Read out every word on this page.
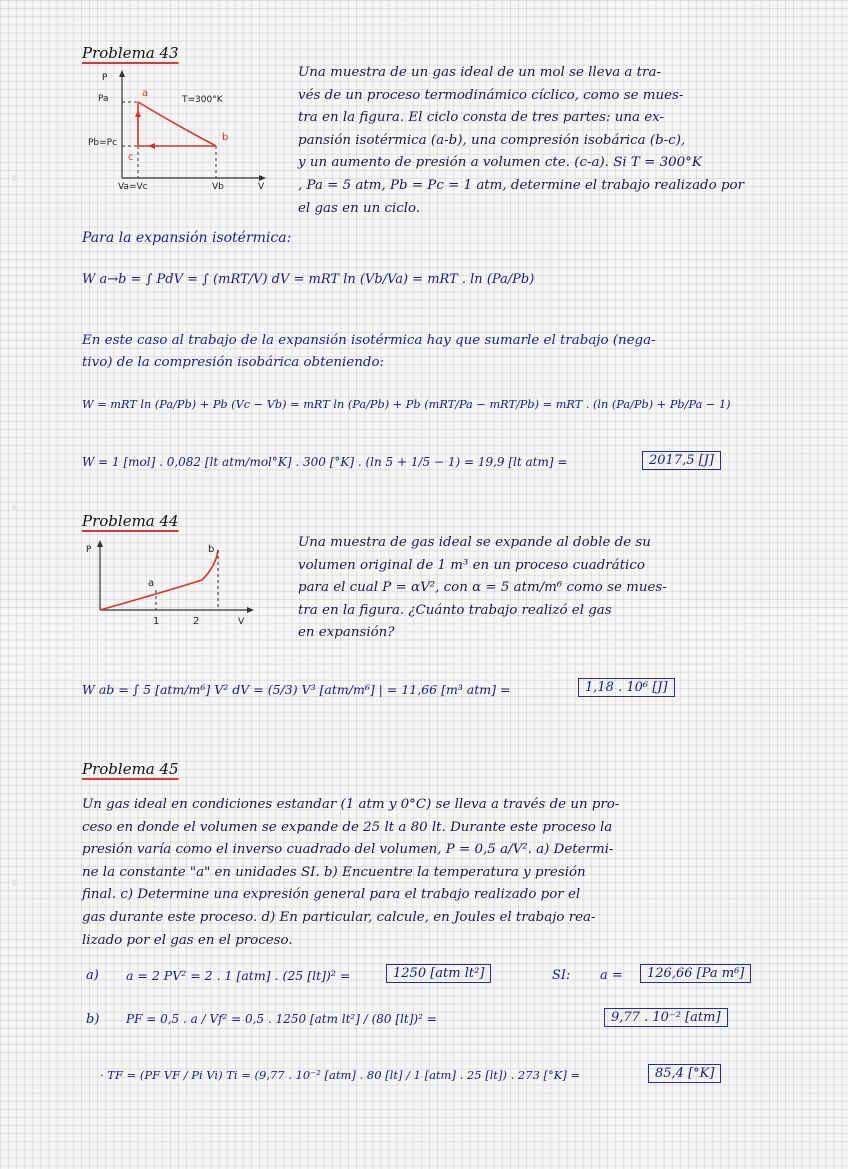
Problema 43
P
Pa
Pb=Pc
a
b
c
T=300°K
Va=Vc	Vb	V
Una muestra de un gas ideal de un mol se lleva a tra-
vés de un proceso termodinámico cíclico, como se mues-
tra en la figura. El ciclo consta de tres partes: una ex-
pansión isotérmica (a-b), una compresión isobárica (b-c),
y un aumento de presión a volumen cte. (c-a). Si T = 300°K
, Pa = 5 atm, Pb = Pc = 1 atm, determine el trabajo realizado por
el gas en un ciclo.
Para la expansión isotérmica:
W a→b = ∫ PdV = ∫ (mRT/V) dV = mRT ln (Vb/Va) = mRT . ln (Pa/Pb)
En este caso al trabajo de la expansión isotérmica hay que sumarle el trabajo (nega-
tivo) de la compresión isobárica obteniendo:
W = mRT ln (Pa/Pb) + Pb (Vc − Vb) = mRT ln (Pa/Pb) + Pb (mRT/Pa − mRT/Pb) = mRT . (ln (Pa/Pb) + Pb/Pa − 1)
W = 1 [mol] . 0,082 [lt atm/mol°K] . 300 [°K] . (ln 5 + 1/5 − 1) = 19,9 [lt atm] =	2017,5 [J]
Problema 44
P
a
b
1	2	V
Una muestra de gas ideal se expande al doble de su
volumen original de 1 m³ en un proceso cuadrático
para el cual P = αV², con α = 5 atm/m⁶ como se mues-
tra en la figura. ¿Cuánto trabajo realizó el gas
en expansión?
W ab = ∫ 5 [atm/m⁶] V² dV = (5/3) V³ [atm/m⁶] | = 11,66 [m³ atm] =	1,18 . 10⁶ [J]
Problema 45
Un gas ideal en condiciones estandar (1 atm y 0°C) se lleva a través de un pro-
ceso en donde el volumen se expande de 25 lt a 80 lt. Durante este proceso la
presión varía como el inverso cuadrado del volumen, P = 0,5 a/V². a) Determi-
ne la constante "a" en unidades SI. b) Encuentre la temperatura y presión
final. c) Determine una expresión general para el trabajo realizado por el
gas durante este proceso. d) En particular, calcule, en Joules el trabajo rea-
lizado por el gas en el proceso.
a) a = 2 PV² = 2 . 1 [atm] . (25 [lt])² =	1250 [atm lt²]	SI: a =	126,66 [Pa m⁶]
b) PF = 0,5 . a / Vf² = 0,5 . 1250 [atm lt²] / (80 [lt])² =	9,77 . 10⁻² [atm]
· TF = (PF VF / Pi Vi) Ti = (9,77 . 10⁻² [atm] . 80 [lt] / 1 [atm] . 25 [lt]) . 273 [°K] =	85,4 [°K]
